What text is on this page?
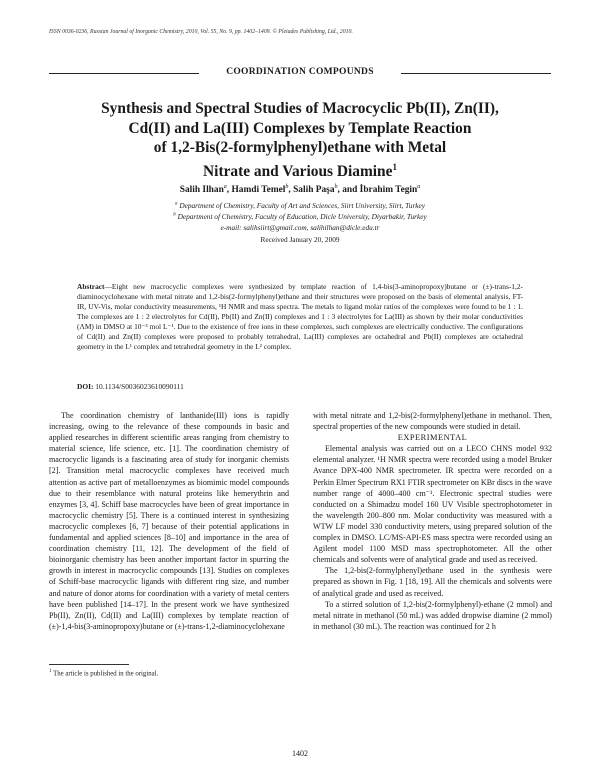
ISSN 0036-0236, Russian Journal of Inorganic Chemistry, 2010, Vol. 55, No. 9, pp. 1402–1409. © Pleiades Publishing, Ltd., 2010.
COORDINATION COMPOUNDS
Synthesis and Spectral Studies of Macrocyclic Pb(II), Zn(II),
Cd(II) and La(III) Complexes by Template Reaction
of 1,2-Bis(2-formylphenyl)ethane with Metal
Nitrate and Various Diamine$^1$
Salih Ilhan$^a$, Hamdi Temel$^b$, Salih Paşa$^b$, and İbrahim Tegin$^a$
$^a$ Department of Chemistry, Faculty of Art and Sciences, Siirt University, Siirt, Turkey
$^b$ Department of Chemistry, Faculty of Education, Dicle University, Diyarbakir, Turkey
e-mail: salihsiirt@gmail.com, salihilhan@dicle.edu.tr
Received January 20, 2009
Abstract—Eight new macrocyclic complexes were synthesized by template reaction of 1,4-bis(3-aminopropoxy)butane or (±)-trans-1,2-diaminocyclohexane with metal nitrate and 1,2-bis(2-formylphenyl)ethane and their structures were proposed on the basis of elemental analysis, FT-IR, UV-Vis, molar conductivity measurements, ¹H NMR and mass spectra. The metals to ligand molar ratios of the complexes were found to be 1 : 1. The complexes are 1 : 2 electrolytes for Cd(II), Pb(II) and Zn(II) complexes and 1 : 3 electrolytes for La(III) as shown by their molar conductivities (ΛM) in DMSO at 10⁻³ mol L⁻¹. Due to the existence of free ions in these complexes, such complexes are electrically conductive. The configurations of Cd(II) and Zn(II) complexes were proposed to probably tetrahedral, La(III) complexes are octahedral and Pb(II) complexes are octahedral geometry in the L¹ complex and tetrahedral geometry in the L² complex.
DOI: 10.1134/S0036023610090111

The coordination chemistry of lanthanide(III) ions is rapidly increasing, owing to the relevance of these compounds in basic and applied researches in different scientific areas ranging from chemistry to material science, life science, etc. [1]. The coordination chemistry of macrocyclic ligands is a fascinating area of study for inorganic chemists [2]. Transition metal macrocyclic complexes have received much attention as active part of metalloenzymes as biomimic model compounds due to their resemblance with natural proteins like hemerythrin and enzymes [3, 4]. Schiff base macrocycles have been of great importance in macrocyclic chemistry [5]. There is a continued interest in synthesizing macrocyclic complexes [6, 7] because of their potential applications in fundamental and applied sciences [8–10] and importance in the area of coordination chemistry [11, 12]. The development of the field of bioinorganic chemistry has been another important factor in spurring the growth in interest in macrocyclic compounds [13]. Studies on complexes of Schiff-base macrocyclic ligands with different ring size, and number and nature of donor atoms for coordination with a variety of metal centers have been published [14–17]. In the present work we have synthesized Pb(II), Zn(II), Cd(II) and La(III) complexes by template reaction of (±)-1,4-bis(3-aminopropoxy)butane or (±)-trans-1,2-diaminocyclohexane

with metal nitrate and 1,2-bis(2-formylphenyl)ethane in methanol. Then, spectral properties of the new compounds were studied in detail.

EXPERIMENTAL

Elemental analysis was carried out on a LECO CHNS model 932 elemental analyzer. ¹H NMR spectra were recorded using a model Bruker Avance DPX-400 NMR spectrometer. IR spectra were recorded on a Perkin Elmer Spectrum RX1 FTIR spectrometer on KBr discs in the wave number range of 4000–400 cm⁻¹. Electronic spectral studies were conducted on a Shimadzu model 160 UV Visible spectrophotometer in the wavelength 200–800 nm. Molar conductivity was measured with a WTW LF model 330 conductivity meters, using prepared solution of the complex in DMSO. LC/MS-API-ES mass spectra were recorded using an Agilent model 1100 MSD mass spectrophotometer. All the other chemicals and solvents were of analytical grade and used as received.

The 1,2-bis(2-formylphenyl)ethane used in the synthesis were prepared as shown in Fig. 1 [18, 19]. All the chemicals and solvents were of analytical grade and used as received.

To a stirred solution of 1,2-bis(2-formylphenyl)-ethane (2 mmol) and metal nitrate in methanol (50 mL) was added dropwise diamine (2 mmol) in methanol (30 mL). The reaction was continued for 2 h

$^1$ The article is published in the original.
1402
